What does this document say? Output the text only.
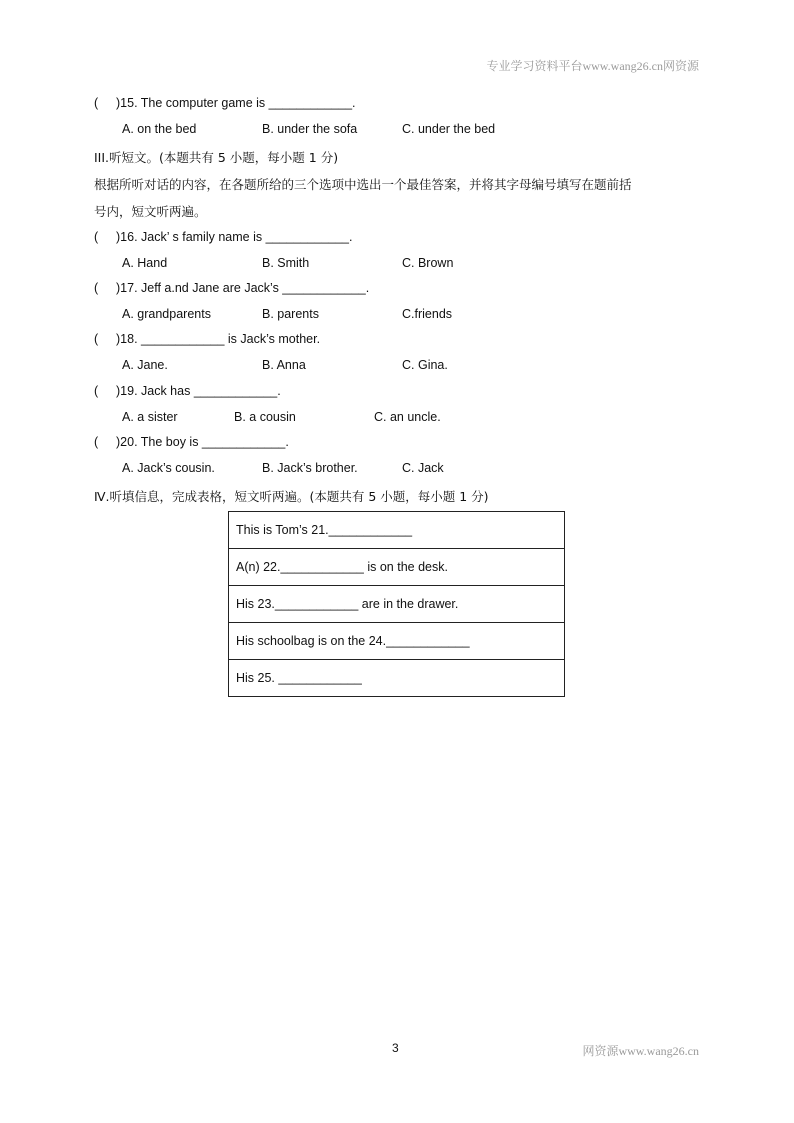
专业学习资料平台www.wang26.cn网资源
( )15. The computer game is ____________.
A. on the bed	B. under the sofa	C. under the bed
III.听短文。(本题共有 5 小题，每小题 1 分)
根据所听对话的内容，在各题所给的三个选项中选出一个最佳答案，并将其字母编号填写在题前括
号内，短文听两遍。
( )16. Jack’ s family name is ____________.
A. Hand	B. Smith	C. Brown
( )17. Jeff a.nd Jane are Jack’s ____________.
A. grandparents	B. parents	C.friends
( )18. ____________ is Jack’s mother.
A. Jane.	B. Anna	C. Gina.
( )19. Jack has ____________.
A. a sister	B. a cousin	C. an uncle.
( )20. The boy is ____________.
A. Jack’s cousin.	B. Jack’s brother.	C. Jack
Ⅳ.听填信息，完成表格，短文听两遍。(本题共有 5 小题，每小题 1 分)
This is Tom’s 21.____________
A(n) 22.____________ is on the desk.
His 23.____________ are in the drawer.
His schoolbag is on the 24.____________
His 25. ____________
3	网资源www.wang26.cn
